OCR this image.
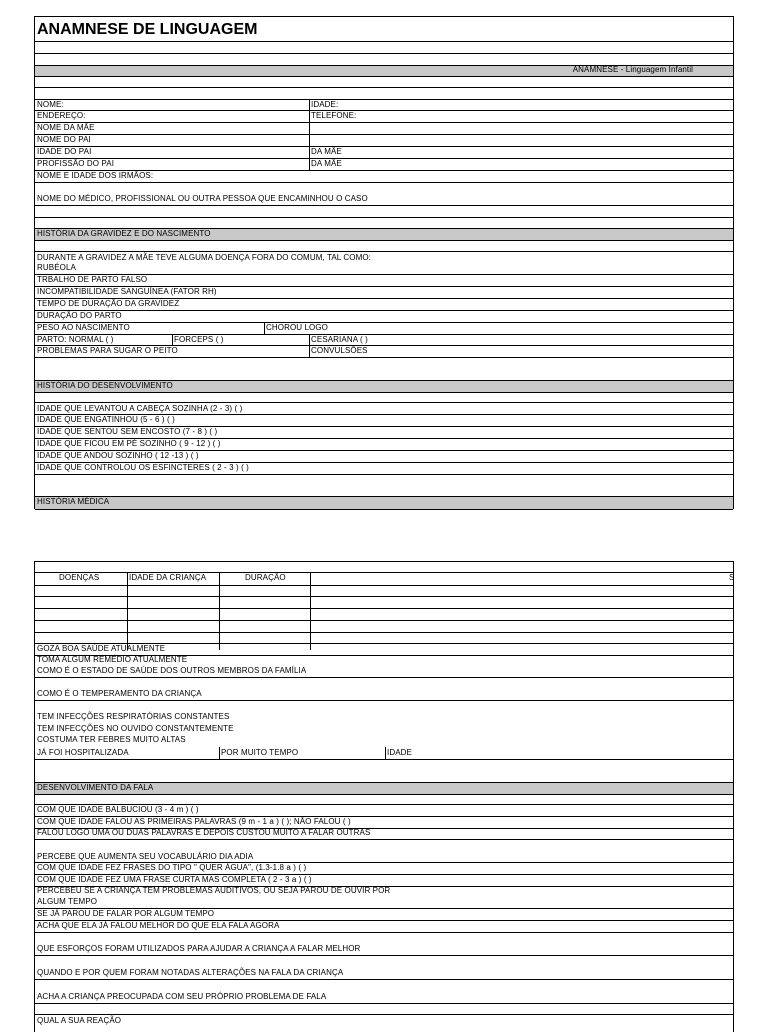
ANAMNESE DE LINGUAGEM
ANAMNESE - Linguagem Infantil
NOME:	IDADE:
ENDEREÇO:	TELEFONE:
NOME DA MÃE
NOME DO PAI
IDADE DO PAI	DA MÃE
PROFISSÃO DO PAI	DA MÃE
NOME E IDADE DOS IRMÃOS:
NOME DO MÉDICO, PROFISSIONAL OU OUTRA PESSOA QUE ENCAMINHOU O CASO
HISTÓRIA DA GRAVIDEZ E DO NASCIMENTO
DURANTE A GRAVIDEZ A MÃE TEVE ALGUMA DOENÇA FORA DO COMUM, TAL COMO:
RUBÉOLA
TRBALHO DE PARTO FALSO
INCOMPATIBILIDADE SANGUÍNEA (FATOR RH)
TEMPO DE DURAÇÃO DA GRAVIDEZ
DURAÇÃO DO PARTO
PESO AO NASCIMENTO	CHOROU LOGO
PARTO: NORMAL ( )	FORCEPS ( )	CESARIANA ( )
PROBLEMAS PARA SUGAR O PEITO	CONVULSÕES
HISTÓRIA DO DESENVOLVIMENTO
IDADE QUE LEVANTOU A CABEÇA SOZINHA (2 - 3) ( )
IDADE QUE ENGATINHOU (5 - 6 ) ( )
IDADE QUE SENTOU SEM ENCOSTO (7 - 8 ) ( )
IDADE QUE FICOU EM PÉ SOZINHO ( 9 - 12 ) ( )
IDADE QUE ANDOU SOZINHO ( 12 -13 ) ( )
IDADE QUE CONTROLOU OS ESFINCTERES ( 2 - 3 ) ( )
HISTÓRIA MÉDICA
DOENÇAS	IDADE DA CRIANÇA	DURAÇÃO	S
GOZA BOA SAÚDE ATUALMENTE
TOMA ALGUM REMÉDIO ATUALMENTE
COMO É O ESTADO DE SAÚDE DOS OUTROS MEMBROS DA FAMÍLIA
COMO É O TEMPERAMENTO DA CRIANÇA
TEM INFECÇÕES RESPIRATÓRIAS CONSTANTES
TEM INFECÇÕES NO OUVIDO CONSTANTEMENTE
COSTUMA TER FEBRES MUITO ALTAS
JÁ FOI HOSPITALIZADA	POR MUITO TEMPO	IDADE
DESENVOLVIMENTO DA FALA
COM QUE IDADE BALBUCIOU (3 - 4 m ) ( )
COM QUE IDADE FALOU AS PRIMEIRAS PALAVRAS (9 m - 1 a ) ( ); NÃO FALOU ( )
FALOU LOGO UMA OU DUAS PALAVRAS E DEPOIS CUSTOU MUITO A FALAR OUTRAS
PERCEBE QUE AUMENTA SEU VOCABULÁRIO DIA ADIA
COM QUE IDADE FEZ FRASES DO TIPO " QUER ÁGUA", (1.3-1.8 a ) ( )
COM QUE IDADE FEZ UMA FRASE CURTA MAS COMPLETA ( 2 - 3 a ) ( )
PERCEBEU SE A CRIANÇA TEM PROBLEMAS AUDITIVOS, OU SEJA PAROU DE OUVIR POR
ALGUM TEMPO
SE JÁ PAROU DE FALAR POR ALGUM TEMPO
ACHA QUE ELA JÁ FALOU MELHOR DO QUE ELA FALA AGORA
QUE ESFORÇOS FORAM UTILIZADOS PARA AJUDAR A CRIANÇA A FALAR MELHOR
QUANDO E POR QUEM FORAM NOTADAS ALTERAÇÕES NA FALA DA CRIANÇA
ACHA A CRIANÇA PREOCUPADA COM SEU PRÓPRIO PROBLEMA DE FALA
QUAL A SUA REAÇÃO
